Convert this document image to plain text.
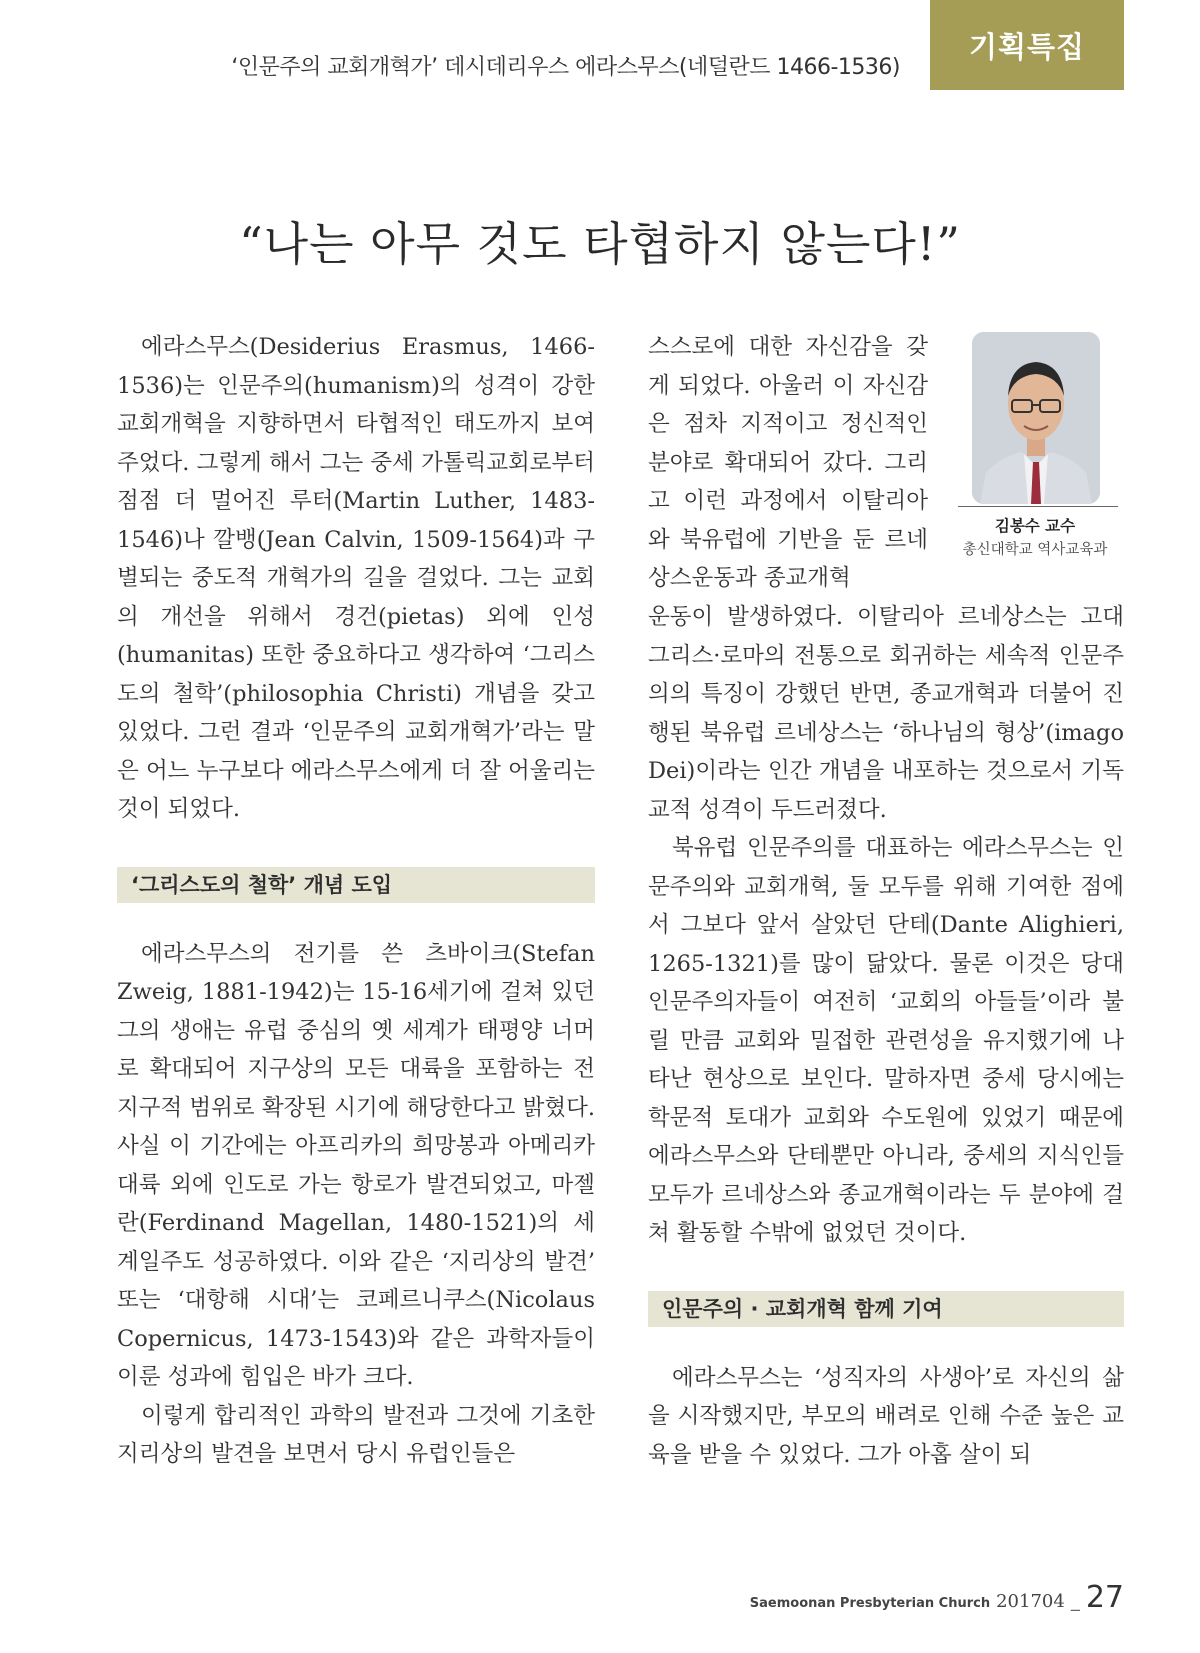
‘인문주의 교회개혁가’ 데시데리우스 에라스무스(네덜란드 1466-1536)
기획특집
“나는 아무 것도 타협하지 않는다!”

에라스무스(Desiderius Erasmus, 1466-1536)는 인문주의(humanism)의 성격이 강한 교회개혁을 지향하면서 타협적인 태도까지 보여주었다. 그렇게 해서 그는 중세 가톨릭교회로부터 점점 더 멀어진 루터(Martin Luther, 1483-1546)나 깔뱅(Jean Calvin, 1509-1564)과 구별되는 중도적 개혁가의 길을 걸었다. 그는 교회의 개선을 위해서 경건(pietas) 외에 인성(humanitas) 또한 중요하다고 생각하여 ‘그리스도의 철학’(philosophia Christi) 개념을 갖고 있었다. 그런 결과 ‘인문주의 교회개혁가’라는 말은 어느 누구보다 에라스무스에게 더 잘 어울리는 것이 되었다.

‘그리스도의 철학’ 개념 도입

에라스무스의 전기를 쓴 츠바이크(Stefan Zweig, 1881-1942)는 15-16세기에 걸쳐 있던 그의 생애는 유럽 중심의 옛 세계가 태평양 너머로 확대되어 지구상의 모든 대륙을 포함하는 전 지구적 범위로 확장된 시기에 해당한다고 밝혔다. 사실 이 기간에는 아프리카의 희망봉과 아메리카 대륙 외에 인도로 가는 항로가 발견되었고, 마젤란(Ferdinand Magellan, 1480-1521)의 세계일주도 성공하였다. 이와 같은 ‘지리상의 발견’ 또는 ‘대항해 시대’는 코페르니쿠스(Nicolaus Copernicus, 1473-1543)와 같은 과학자들이 이룬 성과에 힘입은 바가 크다.

이렇게 합리적인 과학의 발전과 그것에 기초한 지리상의 발견을 보면서 당시 유럽인들은

스스로에 대한 자신감을 갖게 되었다. 아울러 이 자신감은 점차 지적이고 정신적인 분야로 확대되어 갔다. 그리고 이런 과정에서 이탈리아와 북유럽에 기반을 둔 르네상스운동과 종교개혁

김봉수 교수
총신대학교 역사교육과

운동이 발생하였다. 이탈리아 르네상스는 고대 그리스·로마의 전통으로 회귀하는 세속적 인문주의의 특징이 강했던 반면, 종교개혁과 더불어 진행된 북유럽 르네상스는 ‘하나님의 형상’(imago Dei)이라는 인간 개념을 내포하는 것으로서 기독교적 성격이 두드러졌다.

북유럽 인문주의를 대표하는 에라스무스는 인문주의와 교회개혁, 둘 모두를 위해 기여한 점에서 그보다 앞서 살았던 단테(Dante Alighieri, 1265-1321)를 많이 닮았다. 물론 이것은 당대 인문주의자들이 여전히 ‘교회의 아들들’이라 불릴 만큼 교회와 밀접한 관련성을 유지했기에 나타난 현상으로 보인다. 말하자면 중세 당시에는 학문적 토대가 교회와 수도원에 있었기 때문에 에라스무스와 단테뿐만 아니라, 중세의 지식인들 모두가 르네상스와 종교개혁이라는 두 분야에 걸쳐 활동할 수밖에 없었던 것이다.

인문주의 · 교회개혁 함께 기여

에라스무스는 ‘성직자의 사생아’로 자신의 삶을 시작했지만, 부모의 배려로 인해 수준 높은 교육을 받을 수 있었다. 그가 아홉 살이 되

Saemoonan Presbyterian Church 201704 _ 27
